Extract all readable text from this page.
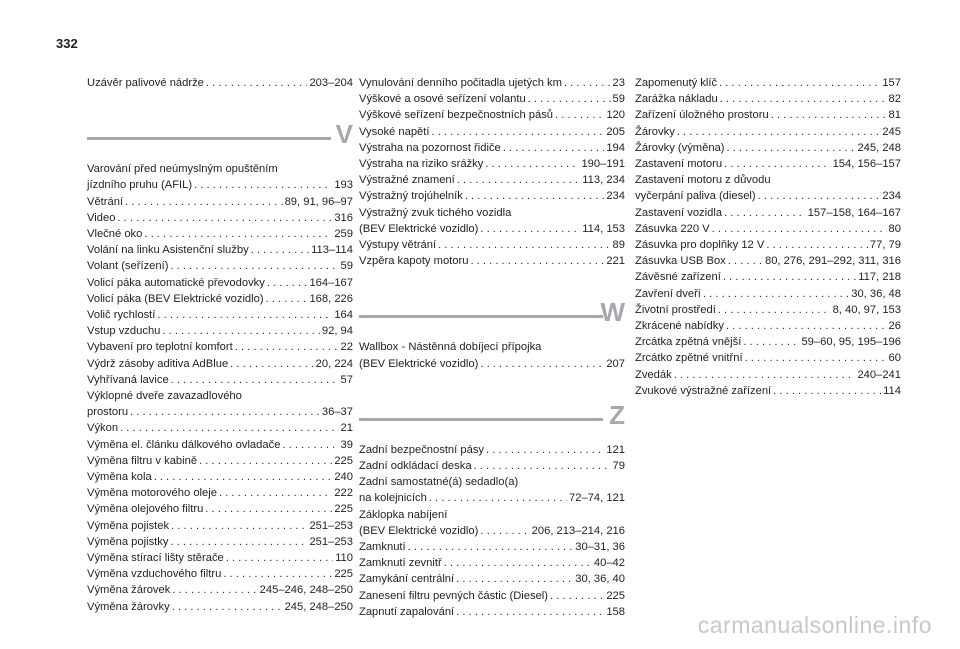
332
Uzávěr palivové nádrže . . .	203–204
V
Varování před neúmyslným opuštěním
jízdního pruhu (AFIL) . . .	193
Větrání . . .	89, 91, 96–97
Video . . .	316
Vlečné oko . . .	259
Volání na linku Asistenční služby . . .	113–114
Volant (seřízení) . . .	59
Volicí páka automatické převodovky . . .	164–167
Volicí páka (BEV Elektrické vozidlo) . . .	168, 226
Volič rychlostí . . .	164
Vstup vzduchu . . .	92, 94
Vybavení pro teplotní komfort . . .	22
Výdrž zásoby aditiva AdBlue . . .	20, 224
Vyhřívaná lavice . . .	57
Výklopné dveře zavazadlového
prostoru . . .	36–37
Výkon . . .	21
Výměna el. článku dálkového ovladače . . .	39
Výměna filtru v kabině . . .	225
Výměna kola . . .	240
Výměna motorového oleje . . .	222
Výměna olejového filtru . . .	225
Výměna pojistek . . .	251–253
Výměna pojistky . . .	251–253
Výměna stírací lišty stěrače . . .	110
Výměna vzduchového filtru . . .	225
Výměna žárovek . . .	245–246, 248–250
Výměna žárovky . . .	245, 248–250
Vynulování denního počitadla ujetých km . . .	23
Výškové a osové seřízení volantu . . .	59
Výškové seřízení bezpečnostních pásů . . .	120
Vysoké napětí . . .	205
Výstraha na pozornost řidiče . . .	194
Výstraha na riziko srážky . . .	190–191
Výstražné znamení . . .	113, 234
Výstražný trojúhelník . . .	234
Výstražný zvuk tichého vozidla
(BEV Elektrické vozidlo) . . .	114, 153
Výstupy větrání . . .	89
Vzpěra kapoty motoru . . .	221
W
Wallbox - Nástěnná dobíjecí přípojka
(BEV Elektrické vozidlo) . . .	207
Z
Zadní bezpečnostní pásy . . .	121
Zadní odkládací deska . . .	79
Zadní samostatné(á) sedadlo(a)
na kolejnicích . . .	72–74, 121
Záklopka nabíjení
(BEV Elektrické vozidlo) . . .	206, 213–214, 216
Zamknutí . . .	30–31, 36
Zamknutí zevnitř . . .	40–42
Zamykání centrální . . .	30, 36, 40
Zanesení filtru pevných částic (Diesel) . . .	225
Zapnutí zapalování . . .	158
Zapomenutý klíč . . .	157
Zarážka nákladu . . .	82
Zařízení úložného prostoru . . .	81
Žárovky . . .	245
Žárovky (výměna) . . .	245, 248
Zastavení motoru . . .	154, 156–157
Zastavení motoru z důvodu
vyčerpání paliva (diesel) . . .	234
Zastavení vozidla . . .	157–158, 164–167
Zásuvka 220 V . . .	80
Zásuvka pro doplňky 12 V . . .	77, 79
Zásuvka USB Box . . .	80, 276, 291–292, 311, 316
Závěsné zařízení . . .	117, 218
Zavření dveří . . .	30, 36, 48
Životní prostředí . . .	8, 40, 97, 153
Zkrácené nabídky . . .	26
Zrcátka zpětná vnější . . .	59–60, 95, 195–196
Zrcátko zpětné vnitřní . . .	60
Zvedák . . .	240–241
Zvukové výstražné zařízení . . .	114
carmanualsonline.info
